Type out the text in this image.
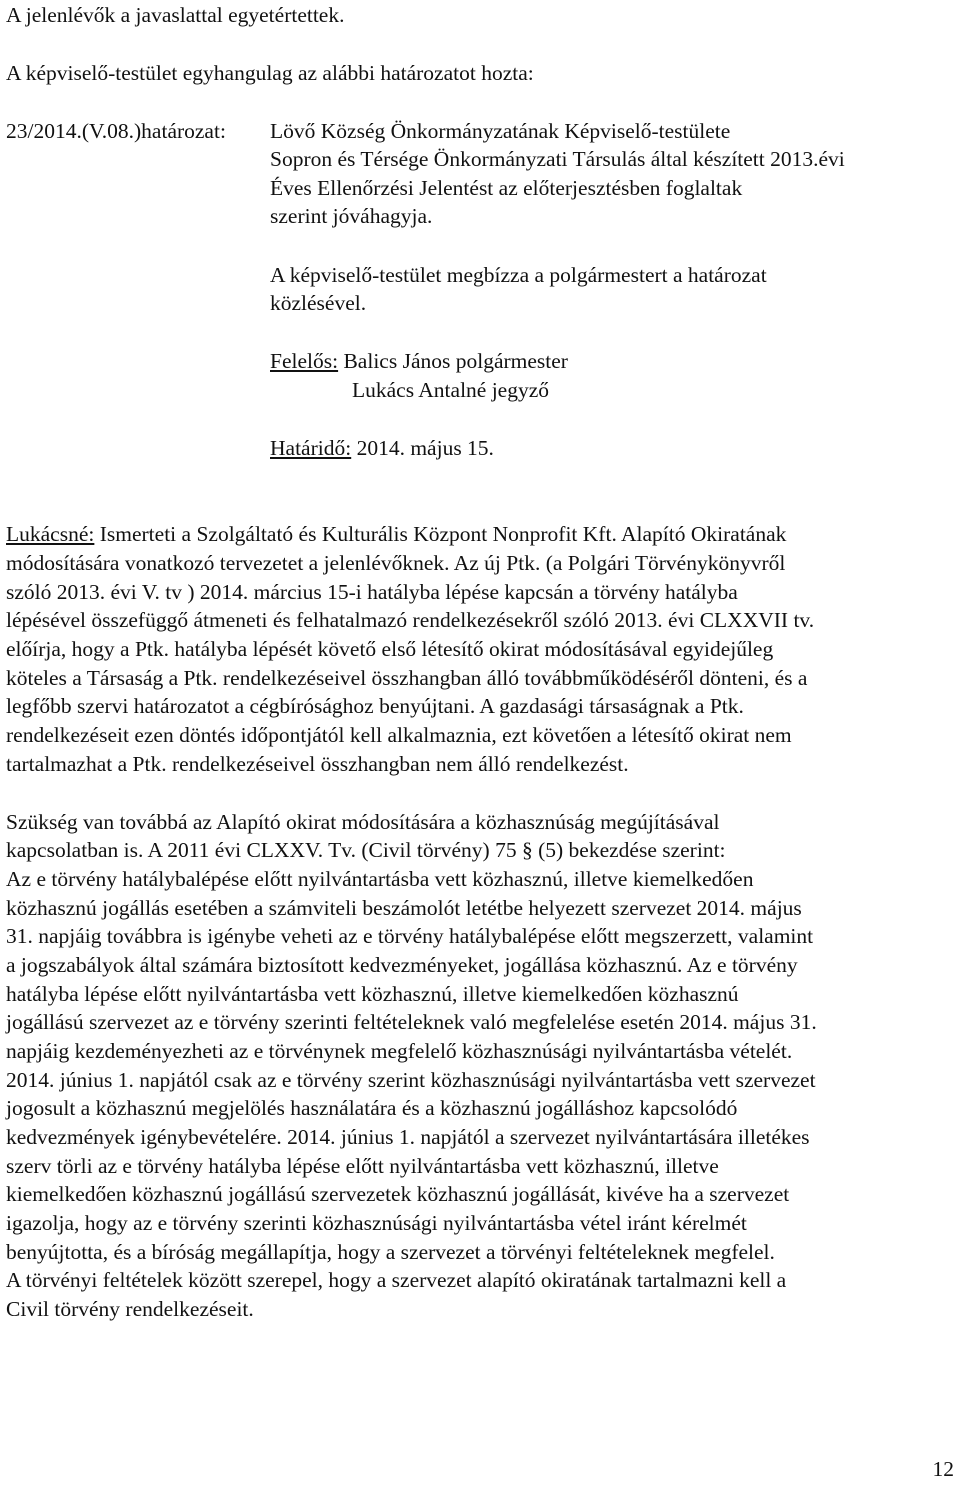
A jelenlévők a javaslattal egyetértettek.
A képviselő-testület egyhangulag az alábbi határozatot hozta:
23/2014.(V.08.)határozat: Lövő Község Önkormányzatának Képviselő-testülete
Sopron és Térsége Önkormányzati Társulás által készített 2013.évi
Éves Ellenőrzési Jelentést az előterjesztésben foglaltak
szerint jóváhagyja.
A képviselő-testület megbízza a polgármestert a határozat
közlésével.
Felelős: Balics János polgármester
Lukács Antalné jegyző
Határidő: 2014. május 15.
Lukácsné: Ismerteti a Szolgáltató és Kulturális Központ Nonprofit Kft. Alapító Okiratának
módosítására vonatkozó tervezetet a jelenlévőknek. Az új Ptk. (a Polgári Törvénykönyvről
szóló 2013. évi V. tv ) 2014. március 15-i hatályba lépése kapcsán a törvény hatályba
lépésével összefüggő átmeneti és felhatalmazó rendelkezésekről szóló 2013. évi CLXXVII tv.
előírja, hogy a Ptk. hatályba lépését követő első létesítő okirat módosításával egyidejűleg
köteles a Társaság a Ptk. rendelkezéseivel összhangban álló továbbműködéséről dönteni, és a
legfőbb szervi határozatot a cégbírósághoz benyújtani. A gazdasági társaságnak a Ptk.
rendelkezéseit ezen döntés időpontjától kell alkalmaznia, ezt követően a létesítő okirat nem
tartalmazhat a Ptk. rendelkezéseivel összhangban nem álló rendelkezést.
Szükség van továbbá az Alapító okirat módosítására a közhasznúság megújításával
kapcsolatban is. A 2011 évi CLXXV. Tv. (Civil törvény) 75 § (5) bekezdése szerint:
Az e törvény hatálybalépése előtt nyilvántartásba vett közhasznú, illetve kiemelkedően
közhasznú jogállás esetében a számviteli beszámolót letétbe helyezett szervezet 2014. május
31. napjáig továbbra is igénybe veheti az e törvény hatálybalépése előtt megszerzett, valamint
a jogszabályok által számára biztosított kedvezményeket, jogállása közhasznú. Az e törvény
hatályba lépése előtt nyilvántartásba vett közhasznú, illetve kiemelkedően közhasznú
jogállású szervezet az e törvény szerinti feltételeknek való megfelelése esetén 2014. május 31.
napjáig kezdeményezheti az e törvénynek megfelelő közhasznúsági nyilvántartásba vételét.
2014. június 1. napjától csak az e törvény szerint közhasznúsági nyilvántartásba vett szervezet
jogosult a közhasznú megjelölés használatára és a közhasznú jogálláshoz kapcsolódó
kedvezmények igénybevételére. 2014. június 1. napjától a szervezet nyilvántartására illetékes
szerv törli az e törvény hatályba lépése előtt nyilvántartásba vett közhasznú, illetve
kiemelkedően közhasznú jogállású szervezetek közhasznú jogállását, kivéve ha a szervezet
igazolja, hogy az e törvény szerinti közhasznúsági nyilvántartásba vétel iránt kérelmét
benyújtotta, és a bíróság megállapítja, hogy a szervezet a törvényi feltételeknek megfelel.
A törvényi feltételek között szerepel, hogy a szervezet alapító okiratának tartalmazni kell a
Civil törvény rendelkezéseit.
12
